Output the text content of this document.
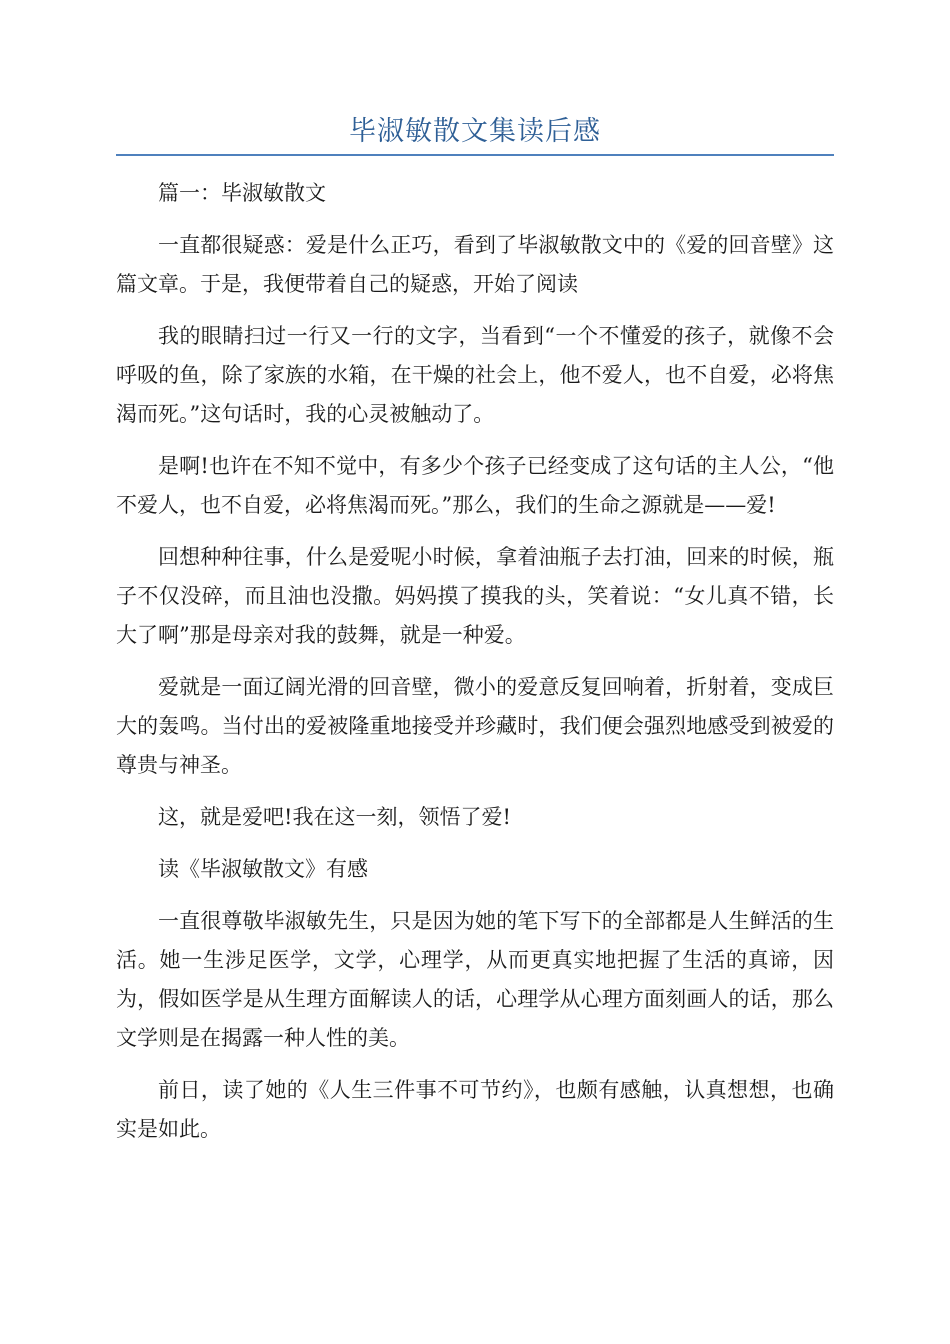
毕淑敏散文集读后感

篇一：毕淑敏散文

一直都很疑惑：爱是什么正巧，看到了毕淑敏散文中的《爱的回音壁》这篇文章。于是，我便带着自己的疑惑，开始了阅读

我的眼睛扫过一行又一行的文字，当看到“一个不懂爱的孩子，就像不会呼吸的鱼，除了家族的水箱，在干燥的社会上，他不爱人，也不自爱，必将焦渴而死。”这句话时，我的心灵被触动了。

是啊!也许在不知不觉中，有多少个孩子已经变成了这句话的主人公，“他不爱人，也不自爱，必将焦渴而死。”那么，我们的生命之源就是——爱!

回想种种往事，什么是爱呢小时候，拿着油瓶子去打油，回来的时候，瓶子不仅没碎，而且油也没撒。妈妈摸了摸我的头，笑着说：“女儿真不错，长大了啊”那是母亲对我的鼓舞，就是一种爱。

爱就是一面辽阔光滑的回音壁，微小的爱意反复回响着，折射着，变成巨大的轰鸣。当付出的爱被隆重地接受并珍藏时，我们便会强烈地感受到被爱的尊贵与神圣。

这，就是爱吧!我在这一刻，领悟了爱!

读《毕淑敏散文》有感

一直很尊敬毕淑敏先生，只是因为她的笔下写下的全部都是人生鲜活的生活。她一生涉足医学，文学，心理学，从而更真实地把握了生活的真谛，因为，假如医学是从生理方面解读人的话，心理学从心理方面刻画人的话，那么文学则是在揭露一种人性的美。

前日，读了她的《人生三件事不可节约》，也颇有感触，认真想想，也确实是如此。
